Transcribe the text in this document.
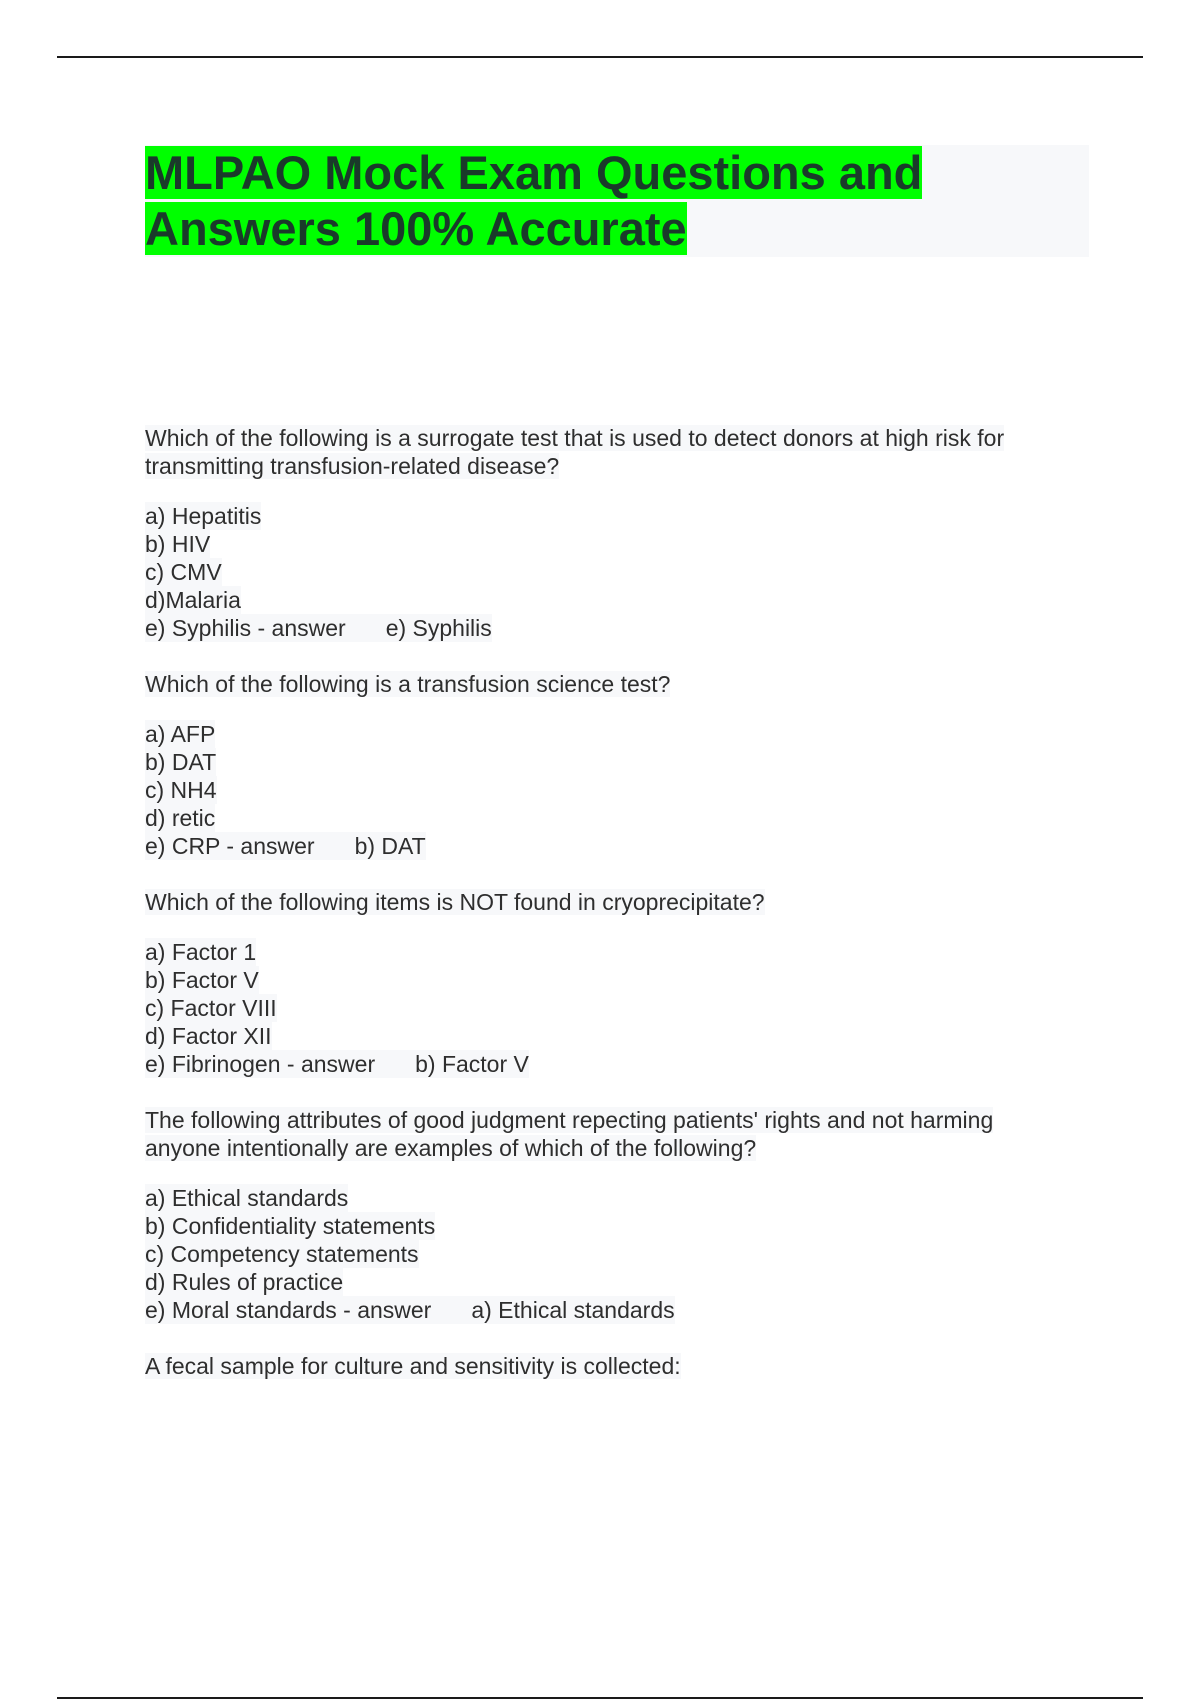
MLPAO Mock Exam Questions and
Answers 100% Accurate

Which of the following is a surrogate test that is used to detect donors at high risk for transmitting transfusion-related disease?

a) Hepatitis
b) HIV
c) CMV
d)Malaria
e) Syphilis - answer e) Syphilis

Which of the following is a transfusion science test?

a) AFP
b) DAT
c) NH4
d) retic
e) CRP - answer b) DAT

Which of the following items is NOT found in cryoprecipitate?

a) Factor 1
b) Factor V
c) Factor VIII
d) Factor XII
e) Fibrinogen - answer b) Factor V

The following attributes of good judgment repecting patients' rights and not harming anyone intentionally are examples of which of the following?

a) Ethical standards
b) Confidentiality statements
c) Competency statements
d) Rules of practice
e) Moral standards - answer a) Ethical standards

A fecal sample for culture and sensitivity is collected:
